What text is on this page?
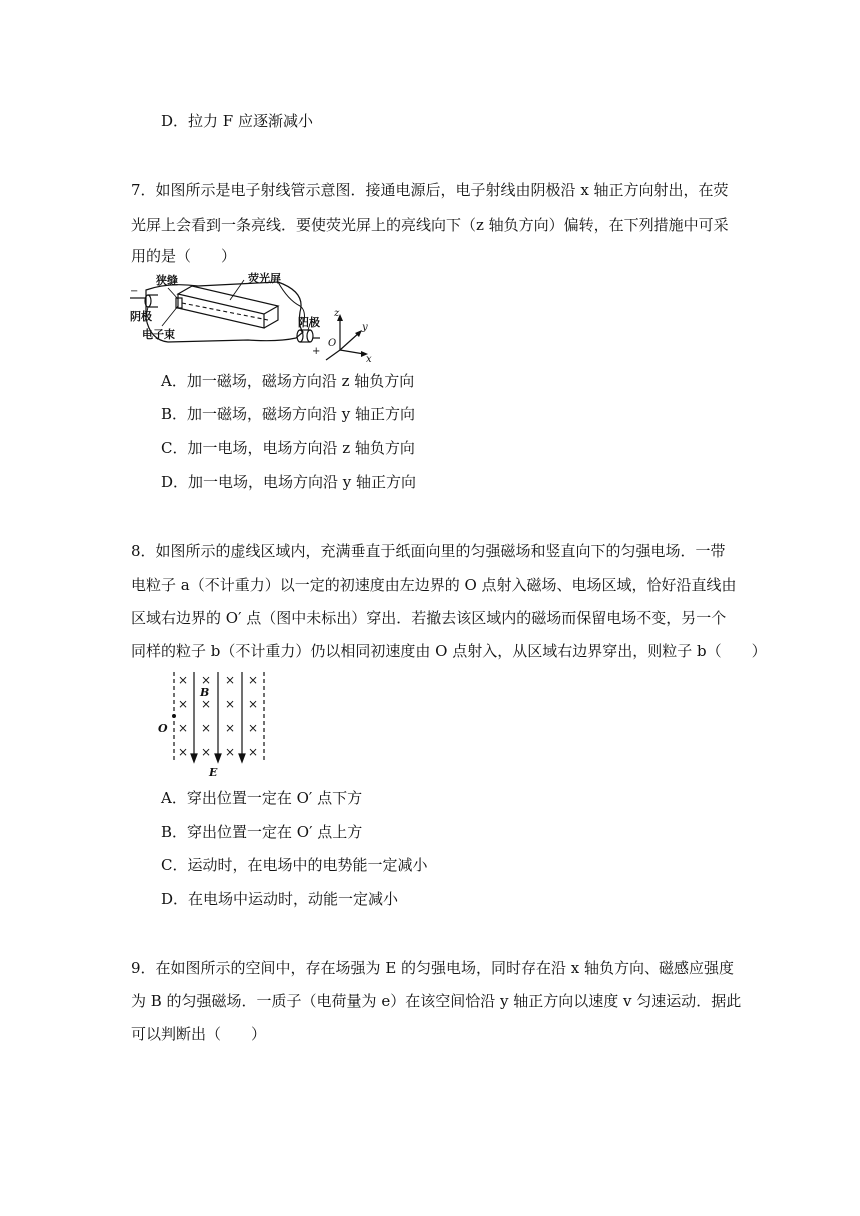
D．拉力 F 应逐渐减小
7．如图所示是电子射线管示意图．接通电源后，电子射线由阴极沿 x 轴正方向射出，在荧
光屏上会看到一条亮线．要使荧光屏上的亮线向下（z 轴负方向）偏转，在下列措施中可采
用的是（　　）
狭缝	荧光屏
阴极
电子束
阳极
−
+
z
y
x
O
A．加一磁场，磁场方向沿 z 轴负方向
B．加一磁场，磁场方向沿 y 轴正方向
C．加一电场，电场方向沿 z 轴负方向
D．加一电场，电场方向沿 y 轴正方向
8．如图所示的虚线区域内，充满垂直于纸面向里的匀强磁场和竖直向下的匀强电场．一带
电粒子 a（不计重力）以一定的初速度由左边界的 O 点射入磁场、电场区域，恰好沿直线由
区域右边界的 O′ 点（图中未标出）穿出．若撤去该区域内的磁场而保留电场不变，另一个
同样的粒子 b（不计重力）仍以相同初速度由 O 点射入，从区域右边界穿出，则粒子 b（　　）
× × × ×
× × × ×
× × × ×
× × × ×
O
B
E
A．穿出位置一定在 O′ 点下方
B．穿出位置一定在 O′ 点上方
C．运动时，在电场中的电势能一定减小
D．在电场中运动时，动能一定减小
9．在如图所示的空间中，存在场强为 E 的匀强电场，同时存在沿 x 轴负方向、磁感应强度
为 B 的匀强磁场．一质子（电荷量为 e）在该空间恰沿 y 轴正方向以速度 v 匀速运动．据此
可以判断出（　　）
